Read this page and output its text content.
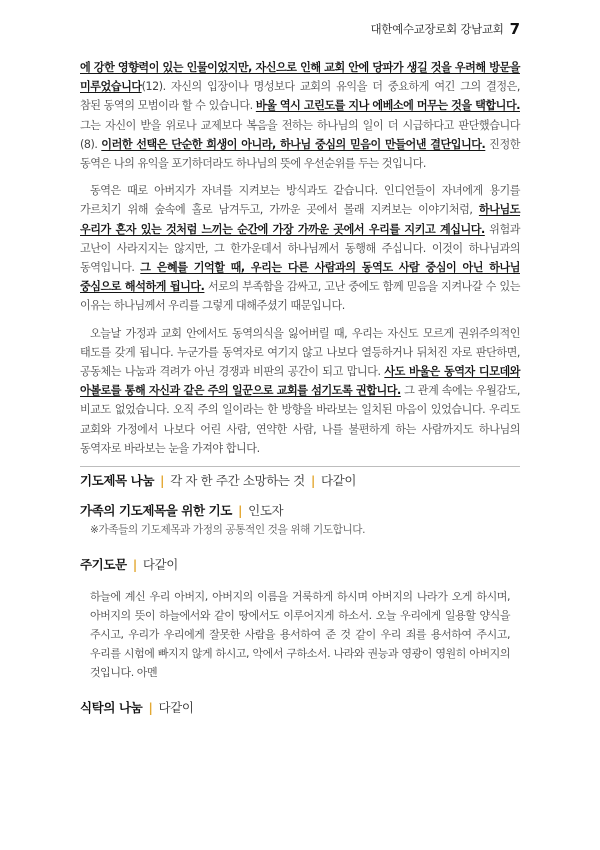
대한예수교장로회 강남교회 7

에 강한 영향력이 있는 인물이었지만, 자신으로 인해 교회 안에 당파가 생길 것을 우려해 방문을 미루었습니다(12). 자신의 입장이나 명성보다 교회의 유익을 더 중요하게 여긴 그의 결정은, 참된 동역의 모범이라 할 수 있습니다. 바울 역시 고린도를 지나 에베소에 머무는 것을 택합니다. 그는 자신이 받을 위로나 교제보다 복음을 전하는 하나님의 일이 더 시급하다고 판단했습니다(8). 이러한 선택은 단순한 희생이 아니라, 하나님 중심의 믿음이 만들어낸 결단입니다. 진정한 동역은 나의 유익을 포기하더라도 하나님의 뜻에 우선순위를 두는 것입니다.

동역은 때로 아버지가 자녀를 지켜보는 방식과도 같습니다. 인디언들이 자녀에게 용기를 가르치기 위해 숲속에 홀로 남겨두고, 가까운 곳에서 몰래 지켜보는 이야기처럼, 하나님도 우리가 혼자 있는 것처럼 느끼는 순간에 가장 가까운 곳에서 우리를 지키고 계십니다. 위험과 고난이 사라지지는 않지만, 그 한가운데서 하나님께서 동행해 주십니다. 이것이 하나님과의 동역입니다. 그 은혜를 기억할 때, 우리는 다른 사람과의 동역도 사람 중심이 아닌 하나님 중심으로 해석하게 됩니다. 서로의 부족함을 감싸고, 고난 중에도 함께 믿음을 지켜나갈 수 있는 이유는 하나님께서 우리를 그렇게 대해주셨기 때문입니다.

오늘날 가정과 교회 안에서도 동역의식을 잃어버릴 때, 우리는 자신도 모르게 권위주의적인 태도를 갖게 됩니다. 누군가를 동역자로 여기지 않고 나보다 열등하거나 뒤처진 자로 판단하면, 공동체는 나눔과 격려가 아닌 경쟁과 비판의 공간이 되고 맙니다. 사도 바울은 동역자 디모데와 아볼로를 통해 자신과 같은 주의 일꾼으로 교회를 섬기도록 권합니다. 그 관계 속에는 우월감도, 비교도 없었습니다. 오직 주의 일이라는 한 방향을 바라보는 일치된 마음이 있었습니다. 우리도 교회와 가정에서 나보다 어린 사람, 연약한 사람, 나를 불편하게 하는 사람까지도 하나님의 동역자로 바라보는 눈을 가져야 합니다.

기도제목 나눔 | 각 자 한 주간 소망하는 것 | 다같이
가족의 기도제목을 위한 기도 | 인도자
※가족들의 기도제목과 가정의 공통적인 것을 위해 기도합니다.
주기도문 | 다같이
하늘에 계신 우리 아버지, 아버지의 이름을 거룩하게 하시며 아버지의 나라가 오게 하시며, 아버지의 뜻이 하늘에서와 같이 땅에서도 이루어지게 하소서. 오늘 우리에게 일용할 양식을 주시고, 우리가 우리에게 잘못한 사람을 용서하여 준 것 같이 우리 죄를 용서하여 주시고, 우리를 시험에 빠지지 않게 하시고, 악에서 구하소서. 나라와 권능과 영광이 영원히 아버지의 것입니다. 아멘
식탁의 나눔 | 다같이
